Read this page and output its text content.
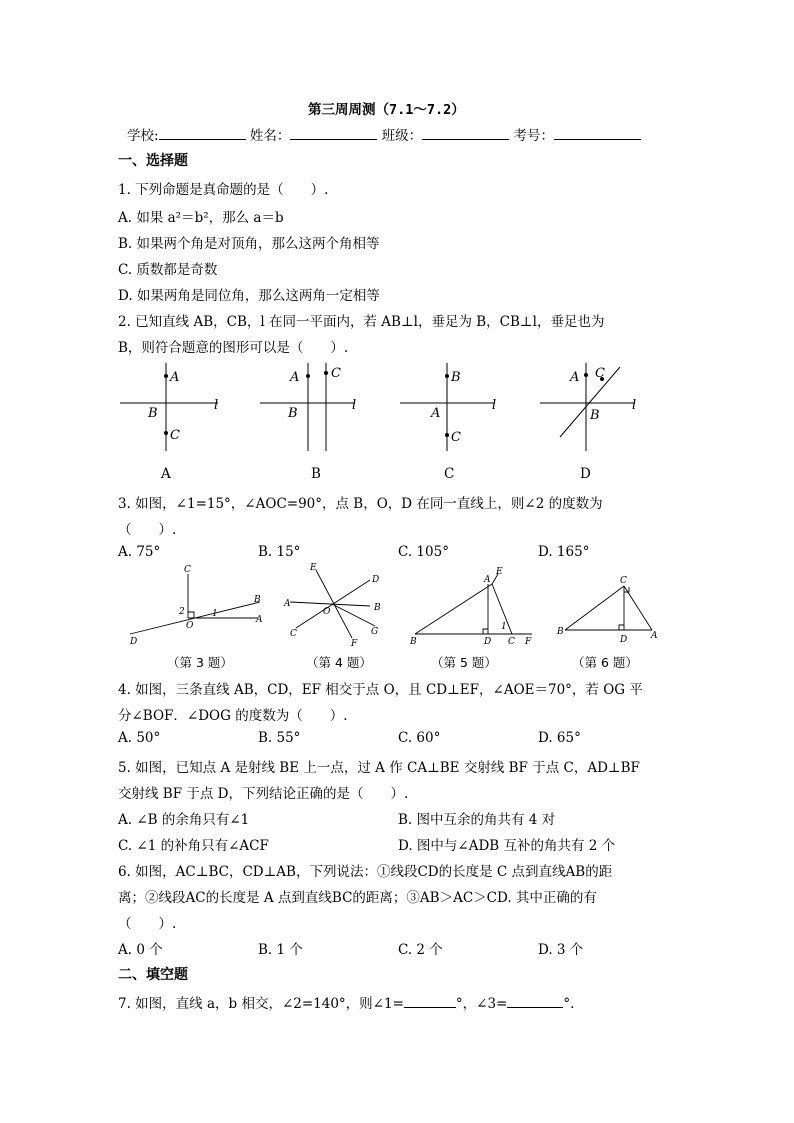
第三周周测（7.1～7.2）
学校:	姓名：	班级：	考号：
一、选择题
1. 下列命题是真命题的是（　　）.
A. 如果 a²＝b²，那么 a＝b
B. 如果两个角是对顶角，那么这两个角相等
C. 质数都是奇数
D. 如果两角是同位角，那么这两角一定相等
2. 已知直线 AB，CB，l 在同一平面内，若 AB⊥l，垂足为 B，CB⊥l，垂足也为
B，则符合题意的图形可以是（　　）.
A
B
C
l
A C
B
l
B
A
C
l
A C
B
l
A	B	C	D
3. 如图，∠1=15°，∠AOC=90°，点 B，O，D 在同一直线上，则∠2 的度数为
（　　）.
A. 75°	B. 15°	C. 105°	D. 165°
C
B
A
D
O
2	1
E
D
A	B
C
F
G
O
A
E
B	D C F
1
C
B	A
D
（第 3 题）	（第 4 题）	（第 5 题）	（第 6 题）
4. 如图，三条直线 AB，CD，EF 相交于点 O，且 CD⊥EF，∠AOE＝70°，若 OG 平
分∠BOF．∠DOG 的度数为（　　）.
A. 50°	B. 55°	C. 60°	D. 65°
5. 如图，已知点 A 是射线 BE 上一点，过 A 作 CA⊥BE 交射线 BF 于点 C，AD⊥BF
交射线 BF 于点 D，下列结论正确的是（　　）.
A. ∠B 的余角只有∠1	B. 图中互余的角共有 4 对
C. ∠1 的补角只有∠ACF	D. 图中与∠ADB 互补的角共有 2 个
6. 如图，AC⊥BC，CD⊥AB，下列说法：①线段CD的长度是 C 点到直线AB的距
离；②线段AC的长度是 A 点到直线BC的距离；③AB＞AC＞CD. 其中正确的有
（　　）.
A. 0 个	B. 1 个	C. 2 个	D. 3 个
二、填空题
7. 如图，直线 a，b 相交，∠2=140°，则∠1=	°，∠3=	°.
